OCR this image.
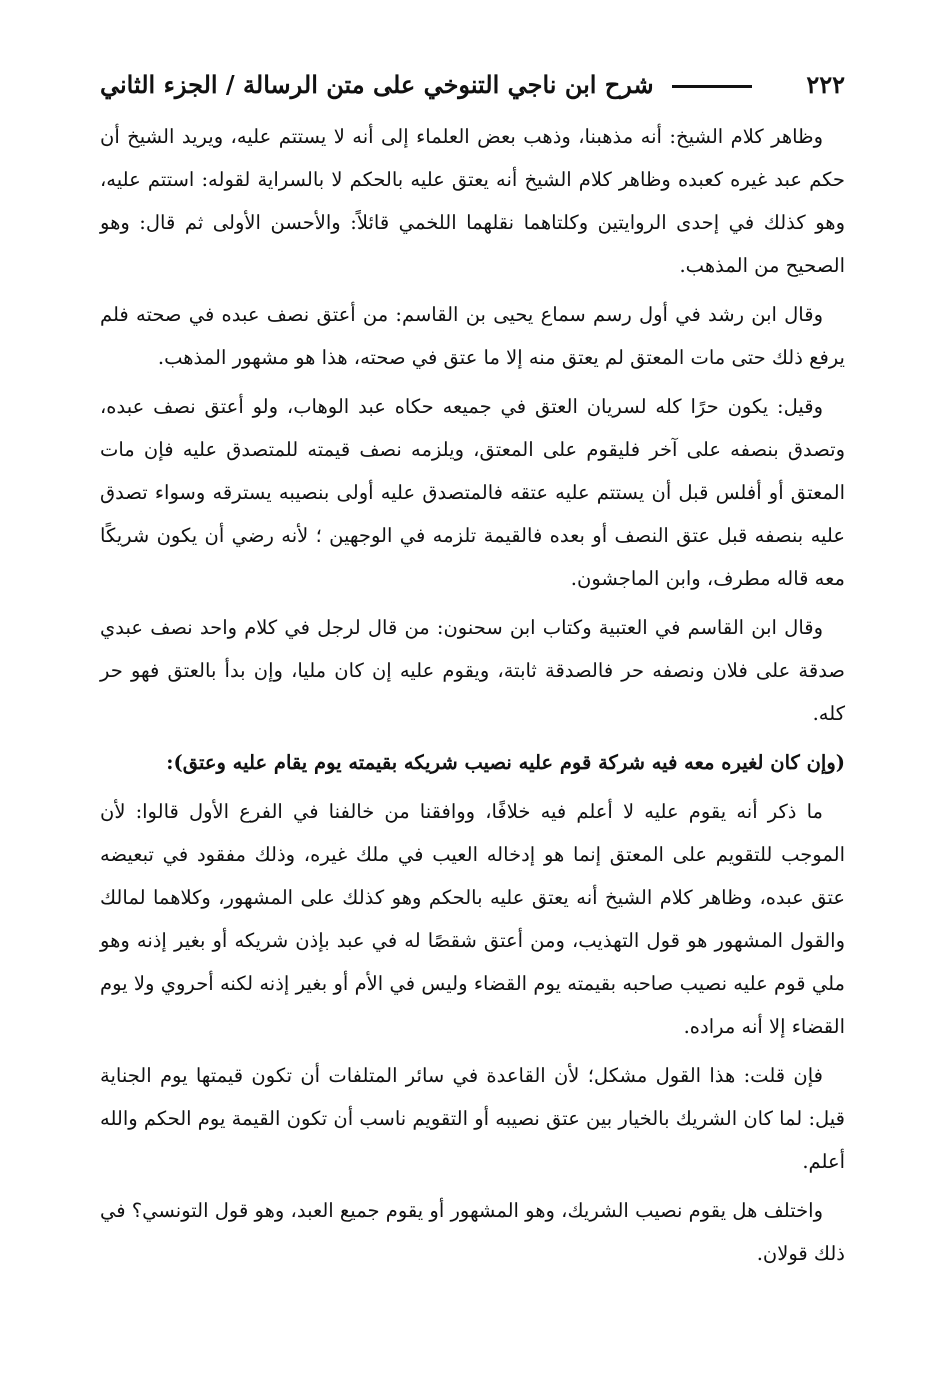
٢٢٢
شرح ابن ناجي التنوخي على متن الرسالة / الجزء الثاني

وظاهر كلام الشيخ: أنه مذهبنا، وذهب بعض العلماء إلى أنه لا يستتم عليه، ويريد الشيخ أن حكم عبد غيره كعبده وظاهر كلام الشيخ أنه يعتق عليه بالحكم لا بالسراية لقوله: استتم عليه، وهو كذلك في إحدى الروايتين وكلتاهما نقلهما اللخمي قائلاً: والأحسن الأولى ثم قال: وهو الصحيح من المذهب.

وقال ابن رشد في أول رسم سماع يحيى بن القاسم: من أعتق نصف عبده في صحته فلم يرفع ذلك حتى مات المعتق لم يعتق منه إلا ما عتق في صحته، هذا هو مشهور المذهب.

وقيل: يكون حرًا كله لسريان العتق في جميعه حكاه عبد الوهاب، ولو أعتق نصف عبده، وتصدق بنصفه على آخر فليقوم على المعتق، ويلزمه نصف قيمته للمتصدق عليه فإن مات المعتق أو أفلس قبل أن يستتم عليه عتقه فالمتصدق عليه أولى بنصيبه يسترقه وسواء تصدق عليه بنصفه قبل عتق النصف أو بعده فالقيمة تلزمه في الوجهين ؛ لأنه رضي أن يكون شريكًا معه قاله مطرف، وابن الماجشون.

وقال ابن القاسم في العتبية وكتاب ابن سحنون: من قال لرجل في كلام واحد نصف عبدي صدقة على فلان ونصفه حر فالصدقة ثابتة، ويقوم عليه إن كان مليا، وإن بدأ بالعتق فهو حر كله.

(وإن كان لغيره معه فيه شركة قوم عليه نصيب شريكه بقيمته يوم يقام عليه وعتق):

ما ذكر أنه يقوم عليه لا أعلم فيه خلافًا، ووافقنا من خالفنا في الفرع الأول قالوا: لأن الموجب للتقويم على المعتق إنما هو إدخاله العيب في ملك غيره، وذلك مفقود في تبعيضه عتق عبده، وظاهر كلام الشيخ أنه يعتق عليه بالحكم وهو كذلك على المشهور، وكلاهما لمالك والقول المشهور هو قول التهذيب، ومن أعتق شقصًا له في عبد بإذن شريكه أو بغير إذنه وهو ملي قوم عليه نصيب صاحبه بقيمته يوم القضاء وليس في الأم أو بغير إذنه لكنه أحروي ولا يوم القضاء إلا أنه مراده.

فإن قلت: هذا القول مشكل؛ لأن القاعدة في سائر المتلفات أن تكون قيمتها يوم الجناية قيل: لما كان الشريك بالخيار بين عتق نصيبه أو التقويم ناسب أن تكون القيمة يوم الحكم والله أعلم.

واختلف هل يقوم نصيب الشريك، وهو المشهور أو يقوم جميع العبد، وهو قول التونسي؟ في ذلك قولان.
